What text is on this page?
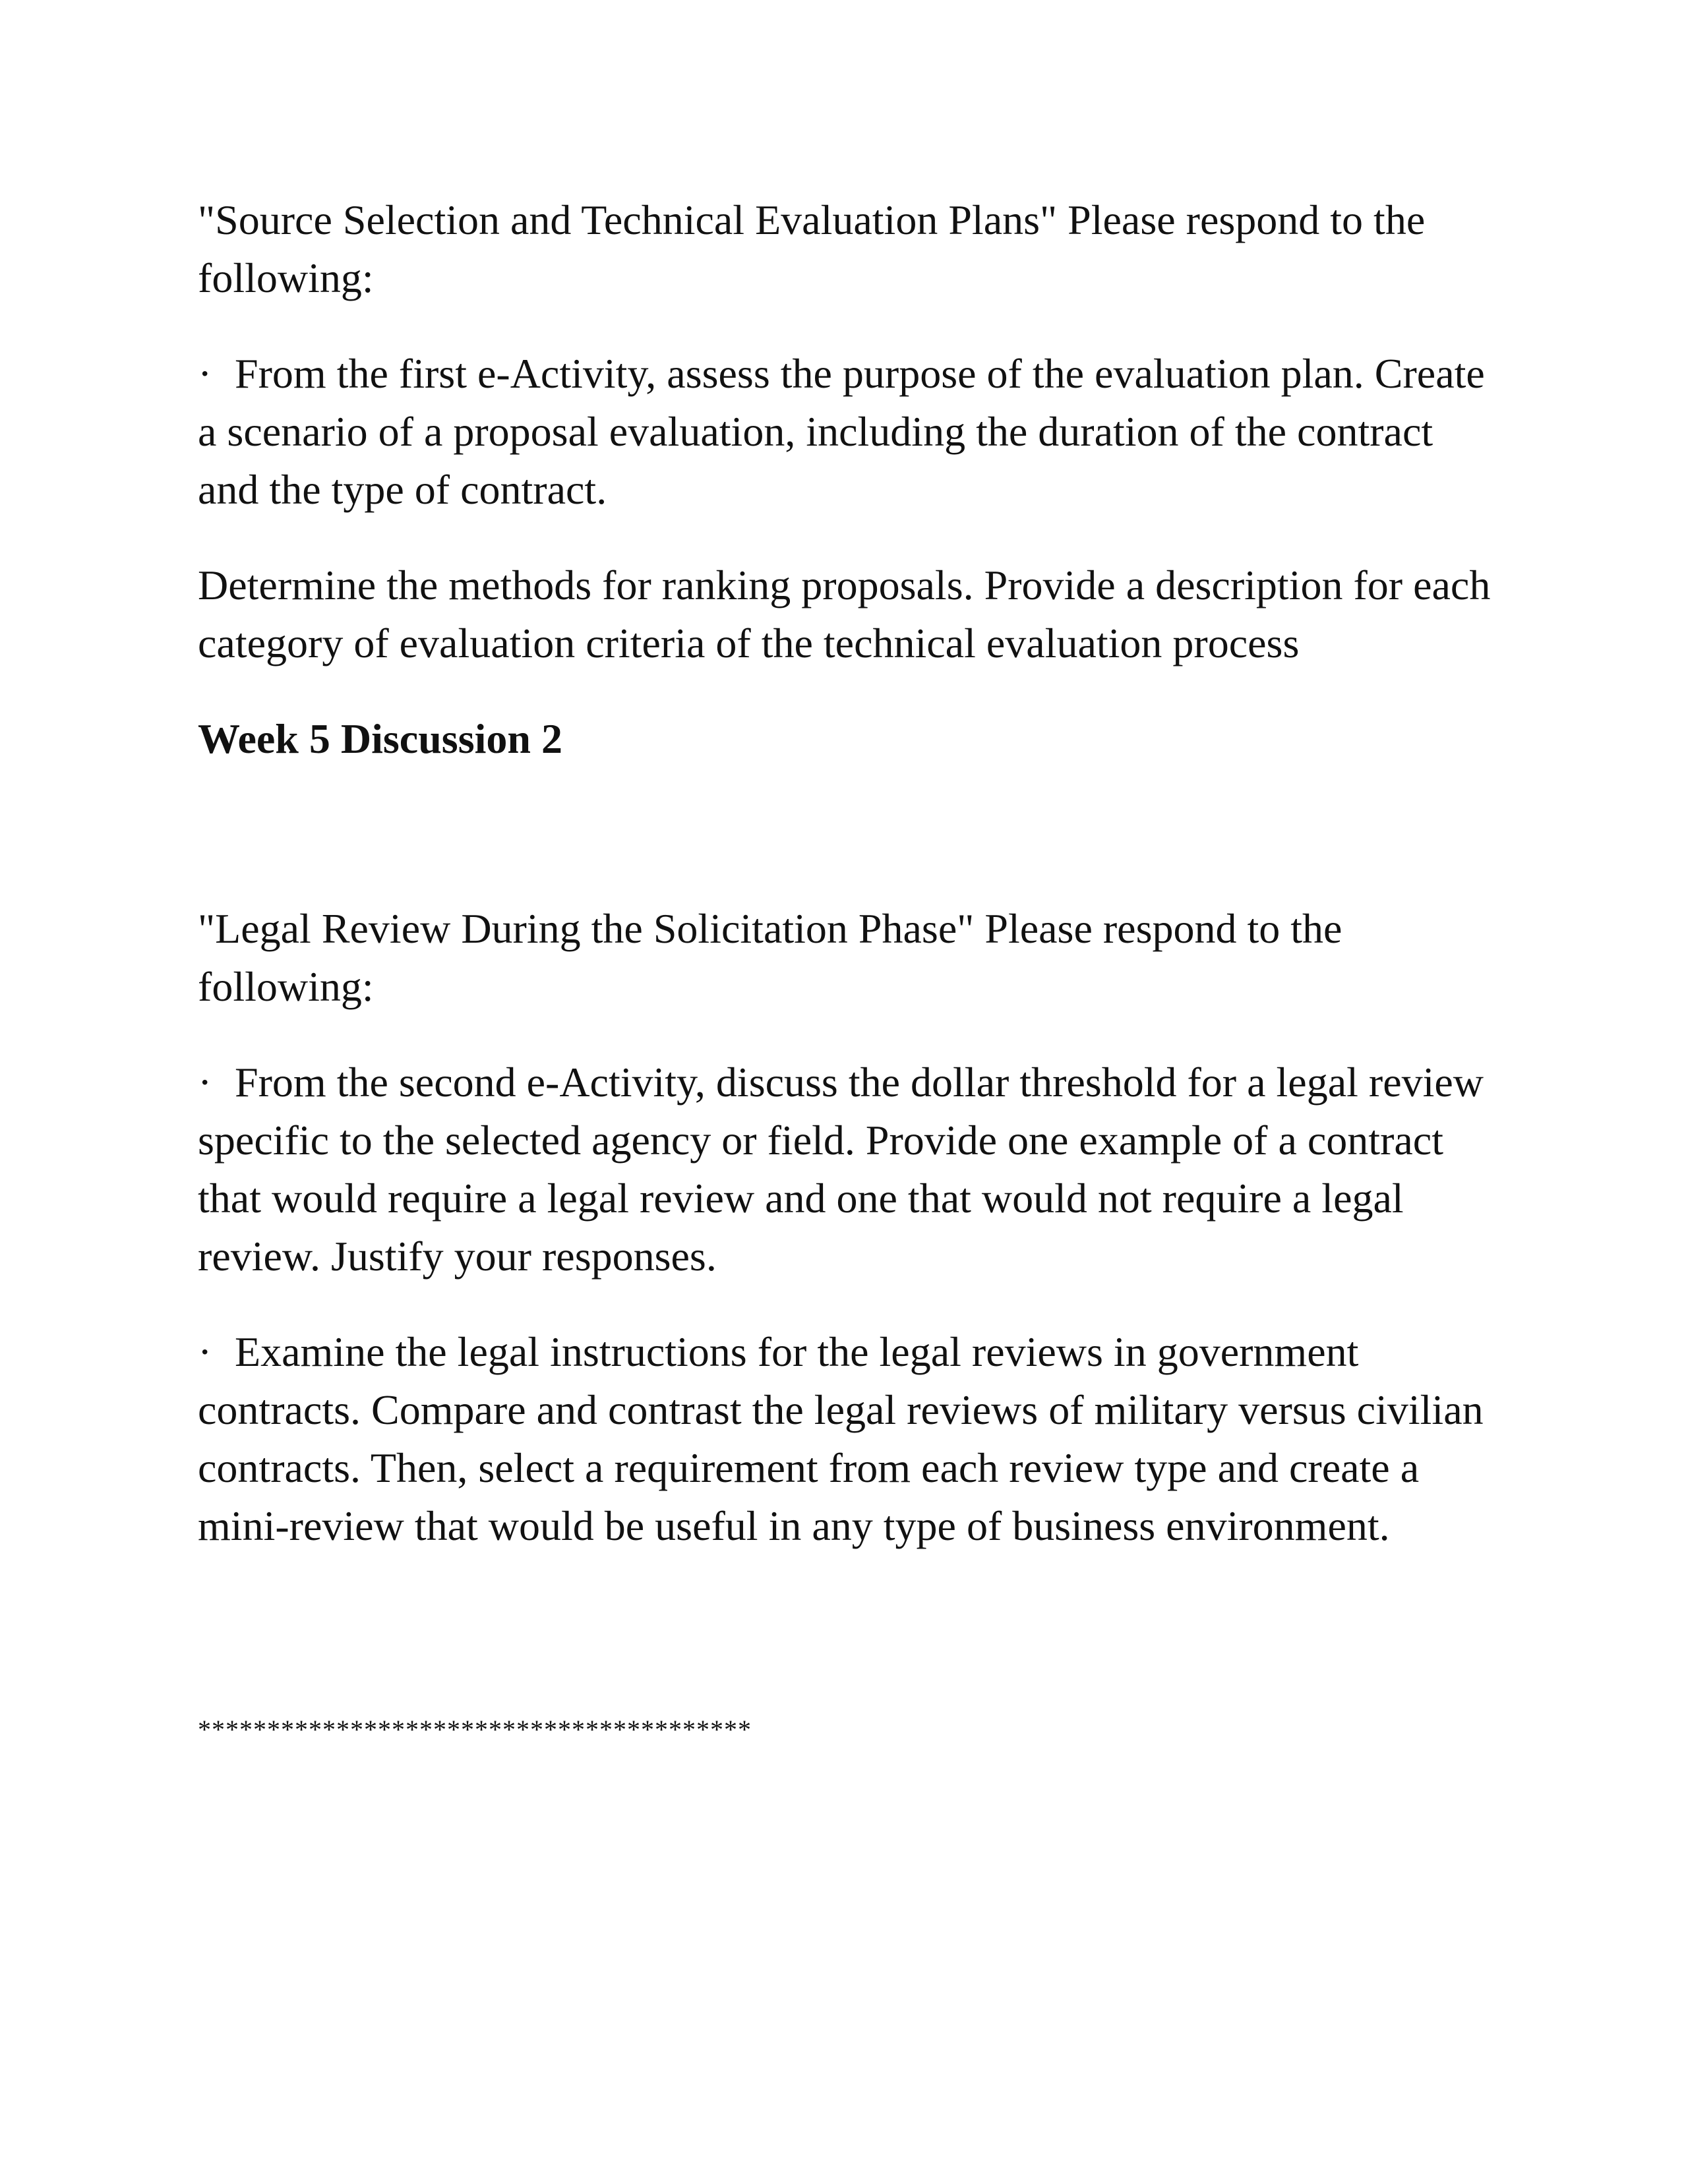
"Source Selection and Technical Evaluation Plans" Please respond to the following:

· From the first e-Activity, assess the purpose of the evaluation plan. Create a scenario of a proposal evaluation, including the duration of the contract and the type of contract.

Determine the methods for ranking proposals. Provide a description for each category of evaluation criteria of the technical evaluation process

Week 5 Discussion 2

"Legal Review During the Solicitation Phase" Please respond to the following:

· From the second e-Activity, discuss the dollar threshold for a legal review specific to the selected agency or field. Provide one example of a contract that would require a legal review and one that would not require a legal review. Justify your responses.

· Examine the legal instructions for the legal reviews in government contracts. Compare and contrast the legal reviews of military versus civilian contracts. Then, select a requirement from each review type and create a mini-review that would be useful in any type of business environment.

****************************************
